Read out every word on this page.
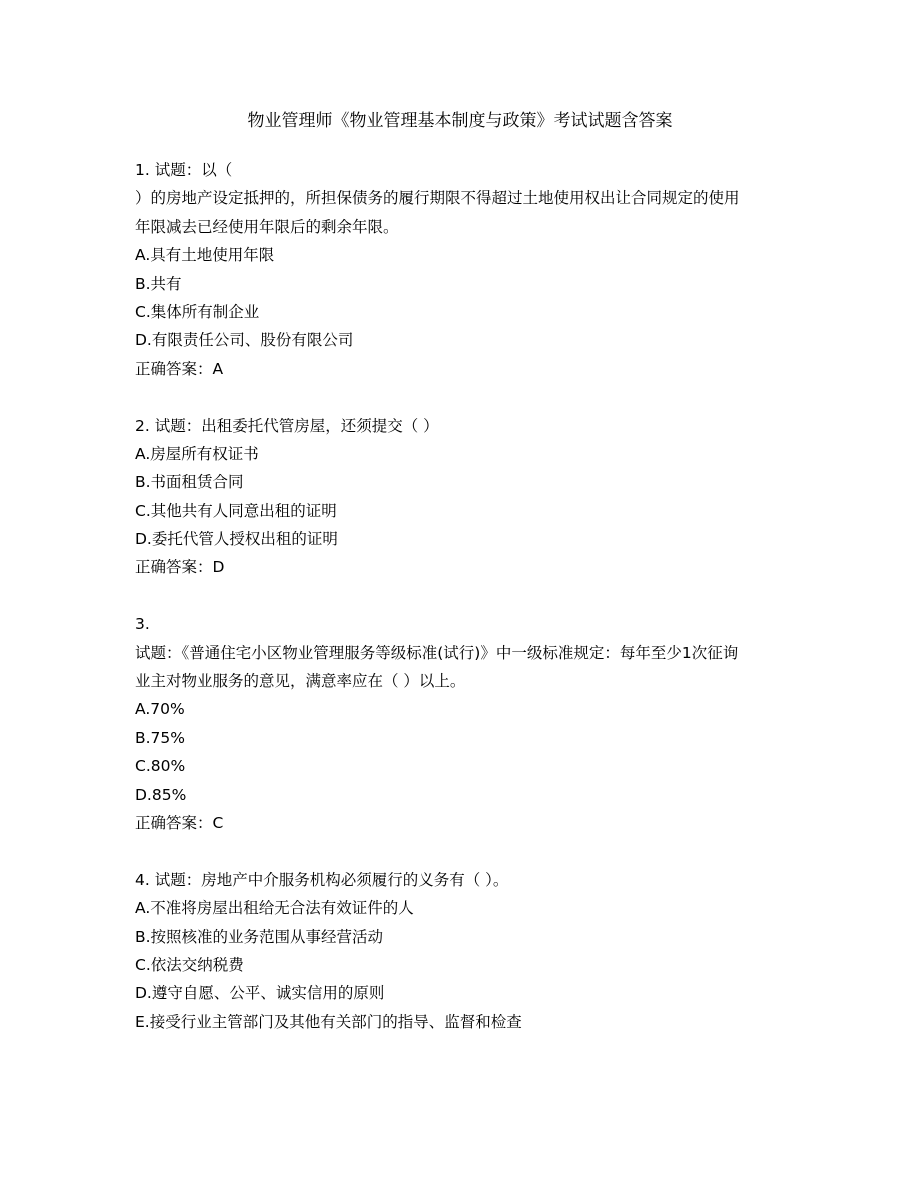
物业管理师《物业管理基本制度与政策》考试试题含答案
1. 试题：以（
）的房地产设定抵押的，所担保债务的履行期限不得超过土地使用权出让合同规定的使用
年限减去已经使用年限后的剩余年限。
A.具有土地使用年限
B.共有
C.集体所有制企业
D.有限责任公司、股份有限公司
正确答案：A
2. 试题：出租委托代管房屋，还须提交（ ）
A.房屋所有权证书
B.书面租赁合同
C.其他共有人同意出租的证明
D.委托代管人授权出租的证明
正确答案：D
3.
试题：《普通住宅小区物业管理服务等级标准(试行)》中一级标准规定：每年至少1次征询
业主对物业服务的意见，满意率应在（ ）以上。
A.70%
B.75%
C.80%
D.85%
正确答案：C
4. 试题：房地产中介服务机构必须履行的义务有（ ）。
A.不准将房屋出租给无合法有效证件的人
B.按照核准的业务范围从事经营活动
C.依法交纳税费
D.遵守自愿、公平、诚实信用的原则
E.接受行业主管部门及其他有关部门的指导、监督和检查
